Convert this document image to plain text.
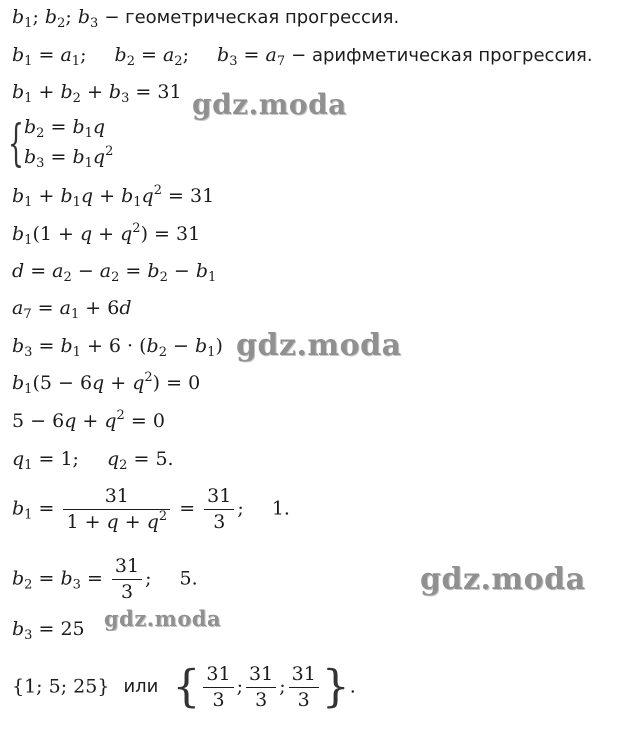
$b_1$; $b_2$; $b_3$ − геометрическая прогрессия.
$b_1 = a_1$; $b_2 = a_2$; $b_3 = a_7$ − арифметическая прогрессия.
$b_1 + b_2 + b_3 = 31$
{ $b_2 = b_1q$
$b_3 = b_1q^2$
$b_1 + b_1q + b_1q^2 = 31$
$b_1(1 + q + q^2) = 31$
$d = a_2 - a_2 = b_2 - b_1$
$a_7 = a_1 + 6d$
$b_3 = b_1 + 6 \cdot (b_2 - b_1)$
$b_1(5 - 6q + q^2) = 0$
$5 - 6q + q^2 = 0$
$q_1 = 1$; $q_2 = 5$.
$b_1 = \frac{31}{1 + q + q^2} = \frac{31}{3}$ ; 1.
$b_2 = b_3 = \frac{31}{3}$ ; 5.
$b_3 = 25$
{1; 5; 25} или { $\frac{31}{3}$ ; $\frac{31}{3}$ ; $\frac{31}{3}$ }.
gdz.moda
gdz.moda
gdz.moda
gdz.moda
